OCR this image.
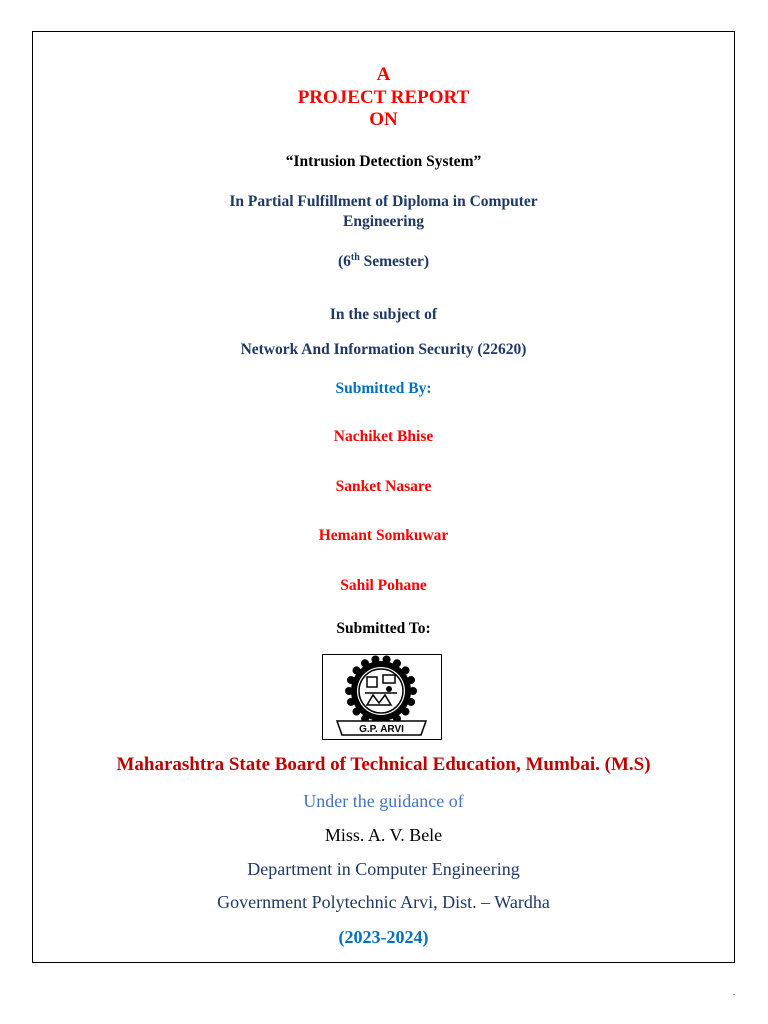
A
PROJECT REPORT
ON
“Intrusion Detection System”
In Partial Fulfillment of Diploma in Computer
Engineering
(6th Semester)
In the subject of
Network And Information Security (22620)
Submitted By:
Nachiket Bhise
Sanket Nasare
Hemant Somkuwar
Sahil Pohane
Submitted To:
G.P. ARVI
Maharashtra State Board of Technical Education, Mumbai. (M.S)
Under the guidance of
Miss. A. V. Bele
Department in Computer Engineering
Government Polytechnic Arvi, Dist. – Wardha
(2023-2024)
.
